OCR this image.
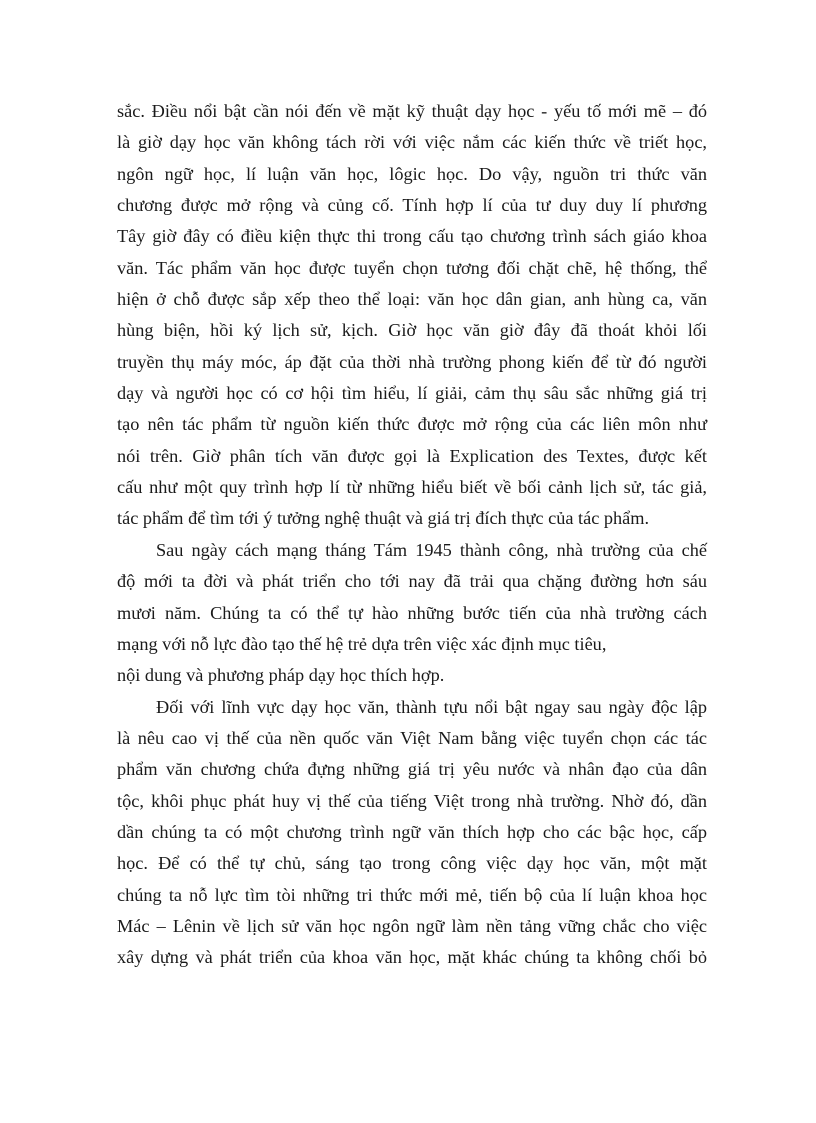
sắc. Điều nổi bật cần nói đến về mặt kỹ thuật dạy học - yếu tố mới mẽ – đó
là giờ dạy học văn không tách rời với việc nắm các kiến thức về triết học,
ngôn ngữ học, lí luận văn học, lôgic học. Do vậy, nguồn tri thức văn
chương được mở rộng và củng cố. Tính hợp lí của tư duy duy lí phương
Tây giờ đây có điều kiện thực thi trong cấu tạo chương trình sách giáo khoa
văn. Tác phẩm văn học được tuyển chọn tương đối chặt chẽ, hệ thống, thể
hiện ở chỗ được sắp xếp theo thể loại: văn học dân gian, anh hùng ca, văn
hùng biện, hồi ký lịch sử, kịch. Giờ học văn giờ đây đã thoát khỏi lối
truyền thụ máy móc, áp đặt của thời nhà trường phong kiến để từ đó người
dạy và người học có cơ hội tìm hiểu, lí giải, cảm thụ sâu sắc những giá trị
tạo nên tác phẩm từ nguồn kiến thức được mở rộng của các liên môn như
nói trên. Giờ phân tích văn được gọi là Explication des Textes, được kết
cấu như một quy trình hợp lí từ những hiểu biết về bối cảnh lịch sử, tác giả,
tác phẩm để tìm tới ý tưởng nghệ thuật và giá trị đích thực của tác phẩm.
Sau ngày cách mạng tháng Tám 1945 thành công, nhà trường của chế
độ mới ta đời và phát triển cho tới nay đã trải qua chặng đường hơn sáu
mươi năm. Chúng ta có thể tự hào những bước tiến của nhà trường cách
mạng với nỗ lực đào tạo thế hệ trẻ dựa trên việc xác định mục tiêu,
nội dung và phương pháp dạy học thích hợp.
Đối với lĩnh vực dạy học văn, thành tựu nổi bật ngay sau ngày độc lập
là nêu cao vị thế của nền quốc văn Việt Nam bằng việc tuyển chọn các tác
phẩm văn chương chứa đựng những giá trị yêu nước và nhân đạo của dân
tộc, khôi phục phát huy vị thế của tiếng Việt trong nhà trường. Nhờ đó, dần
dần chúng ta có một chương trình ngữ văn thích hợp cho các bậc học, cấp
học. Để có thể tự chủ, sáng tạo trong công việc dạy học văn, một mặt
chúng ta nỗ lực tìm tòi những tri thức mới mẻ, tiến bộ của lí luận khoa học
Mác – Lênin về lịch sử văn học ngôn ngữ làm nền tảng vững chắc cho việc
xây dựng và phát triển của khoa văn học, mặt khác chúng ta không chối bỏ
